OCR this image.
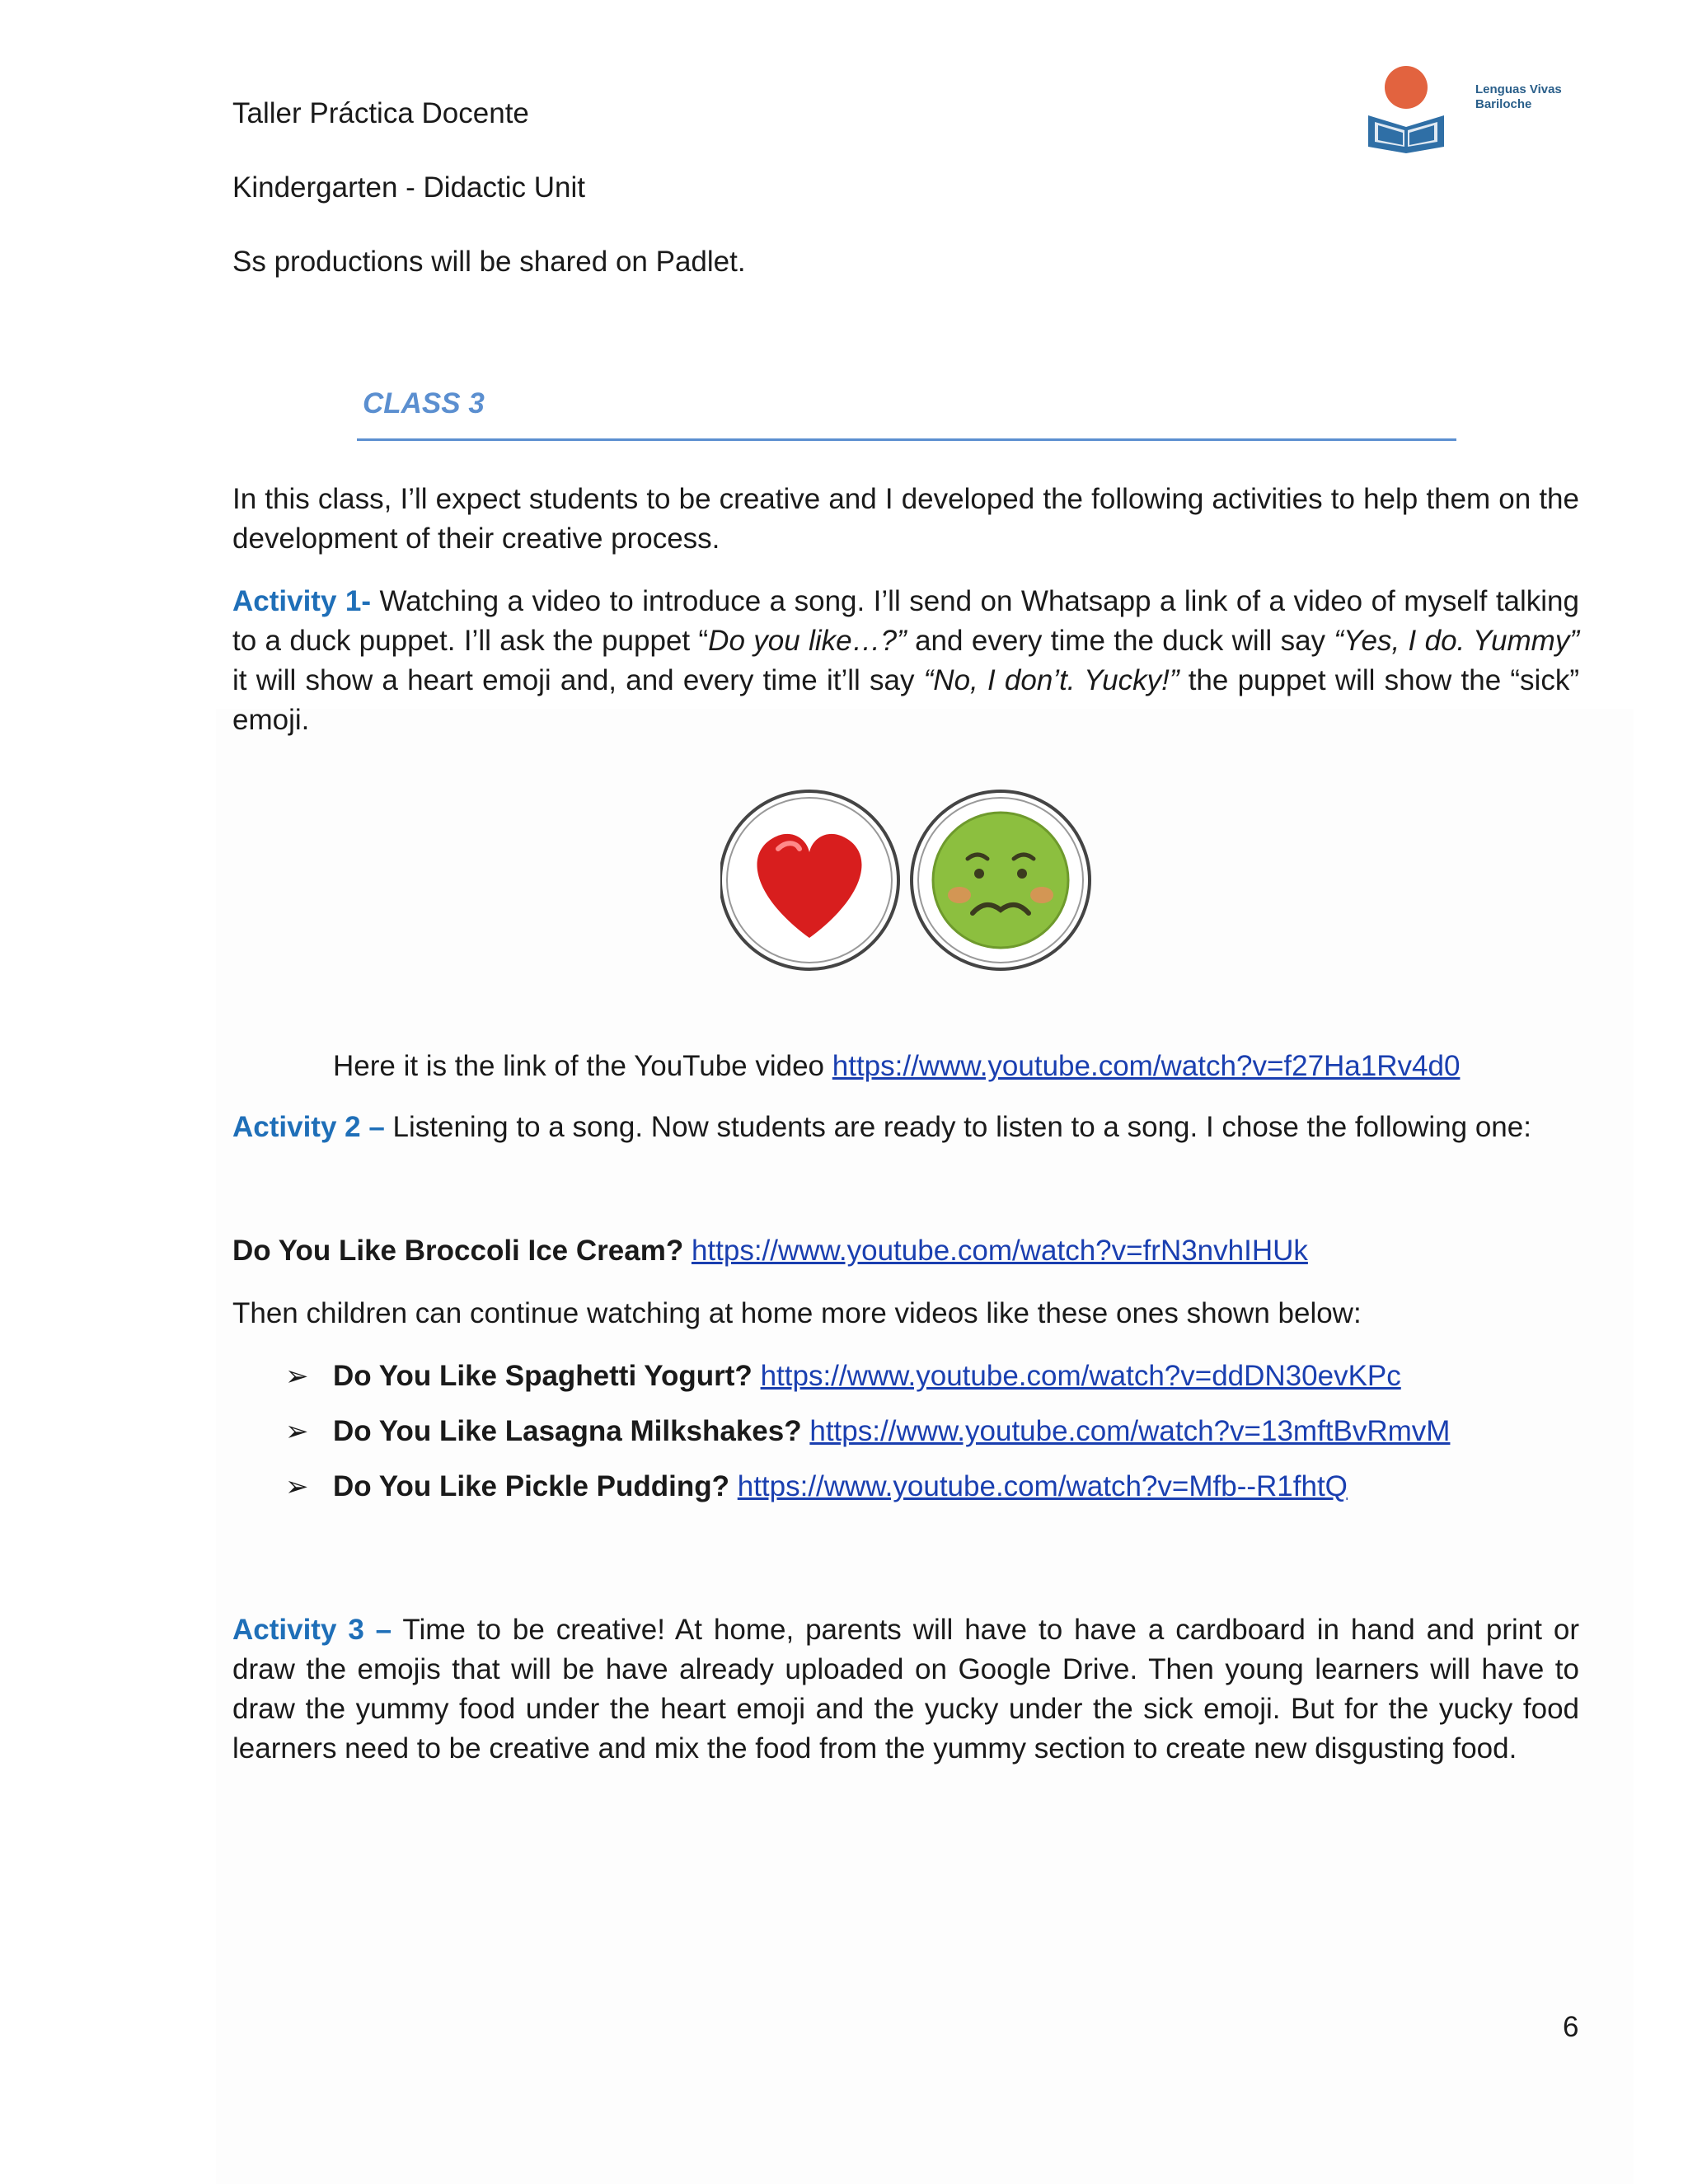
Taller Práctica Docente
Kindergarten - Didactic Unit
Lenguas Vivas
Bariloche
Ss productions will be shared on Padlet.
CLASS 3
In this class, I’ll expect students to be creative and I developed the following activities to help them on the development of their creative process.
Activity 1- Watching a video to introduce a song. I’ll send on Whatsapp a link of a video of myself talking to a duck puppet. I’ll ask the puppet “Do you like…?” and every time the duck will say “Yes, I do. Yummy” it will show a heart emoji and, and every time it’ll say “No, I don’t. Yucky!” the puppet will show the “sick” emoji.
Here it is the link of the YouTube video https://www.youtube.com/watch?v=f27Ha1Rv4d0
Activity 2 – Listening to a song. Now students are ready to listen to a song. I chose the following one:
Do You Like Broccoli Ice Cream? https://www.youtube.com/watch?v=frN3nvhIHUk
Then children can continue watching at home more videos like these ones shown below:
➢ Do You Like Spaghetti Yogurt? https://www.youtube.com/watch?v=ddDN30evKPc
➢ Do You Like Lasagna Milkshakes? https://www.youtube.com/watch?v=13mftBvRmvM
➢ Do You Like Pickle Pudding? https://www.youtube.com/watch?v=Mfb--R1fhtQ
Activity 3 – Time to be creative! At home, parents will have to have a cardboard in hand and print or draw the emojis that will be have already uploaded on Google Drive. Then young learners will have to draw the yummy food under the heart emoji and the yucky under the sick emoji. But for the yucky food learners need to be creative and mix the food from the yummy section to create new disgusting food.
6
